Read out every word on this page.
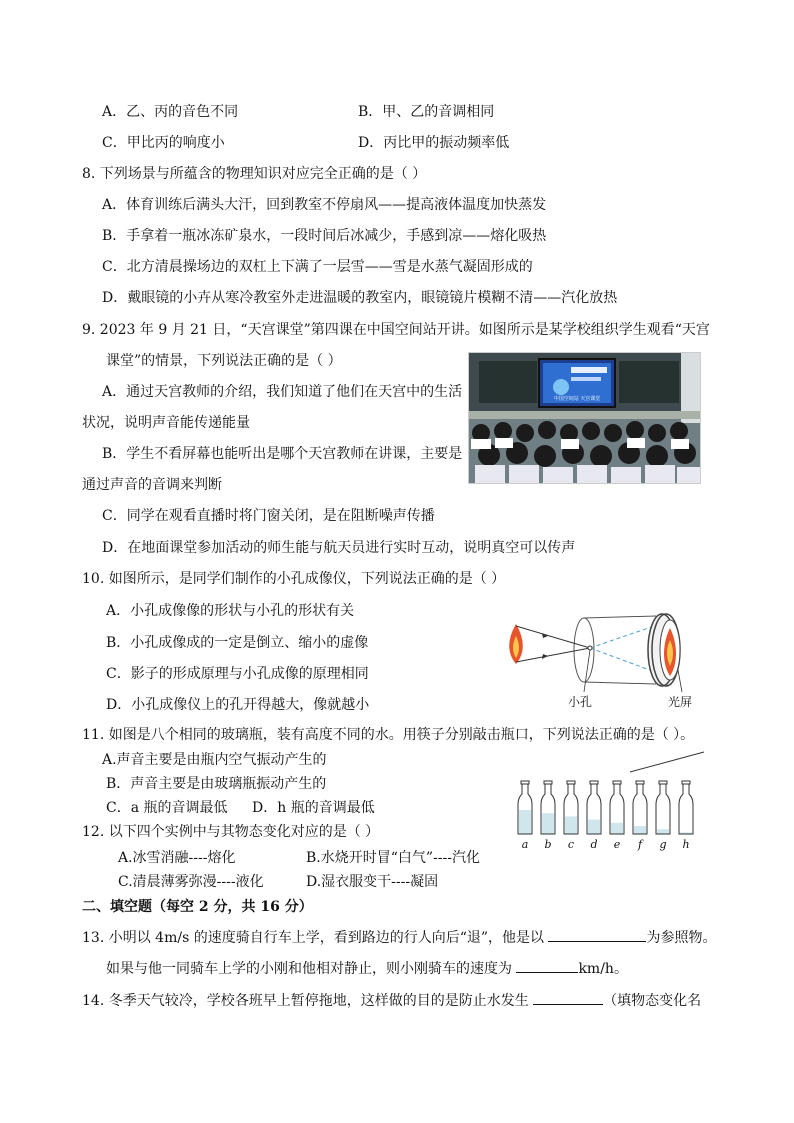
A．乙、丙的音色不同	B．甲、乙的音调相同
C．甲比丙的响度小	D．丙比甲的振动频率低
8. 下列场景与所蕴含的物理知识对应完全正确的是（ ）
A．体育训练后满头大汗，回到教室不停扇风——提高液体温度加快蒸发
B．手拿着一瓶冰冻矿泉水，一段时间后冰减少，手感到凉——熔化吸热
C．北方清晨操场边的双杠上下满了一层雪——雪是水蒸气凝固形成的
D．戴眼镜的小卉从寒冷教室外走进温暖的教室内，眼镜镜片模糊不清——汽化放热
9. 2023 年 9 月 21 日，“天宫课堂”第四课在中国空间站开讲。如图所示是某学校组织学生观看“天宫
课堂”的情景，下列说法正确的是（ ）
A．通过天宫教师的介绍，我们知道了他们在天宫中的生活
状况，说明声音能传递能量
B．学生不看屏幕也能听出是哪个天宫教师在讲课，主要是
通过声音的音调来判断
C．同学在观看直播时将门窗关闭，是在阻断噪声传播
D．在地面课堂参加活动的师生能与航天员进行实时互动，说明真空可以传声
中国空间站 天宫课堂
10. 如图所示，是同学们制作的小孔成像仪，下列说法正确的是（ ）
A．小孔成像像的形状与小孔的形状有关
B．小孔成像成的一定是倒立、缩小的虚像
C．影子的形成原理与小孔成像的原理相同
D．小孔成像仪上的孔开得越大，像就越小	小孔	光屏
11. 如图是八个相同的玻璃瓶，装有高度不同的水。用筷子分别敲击瓶口，下列说法正确的是（ ）。
A.声音主要是由瓶内空气振动产生的
B．声音主要是由玻璃瓶振动产生的
C．a 瓶的音调最低 D．h 瓶的音调最低
a b c d e f g h
12. 以下四个实例中与其物态变化对应的是（ ）
A.冰雪消融----熔化	B.水烧开时冒“白气”----汽化
C.清晨薄雾弥漫----液化	D.湿衣服变干----凝固
二、填空题（每空 2 分，共 16 分）
13. 小明以 4m/s 的速度骑自行车上学，看到路边的行人向后“退”，他是以	为参照物。
如果与他一同骑车上学的小刚和他相对静止，则小刚骑车的速度为	km/h。
14. 冬季天气较冷，学校各班早上暂停拖地，这样做的目的是防止水发生	（填物态变化名
